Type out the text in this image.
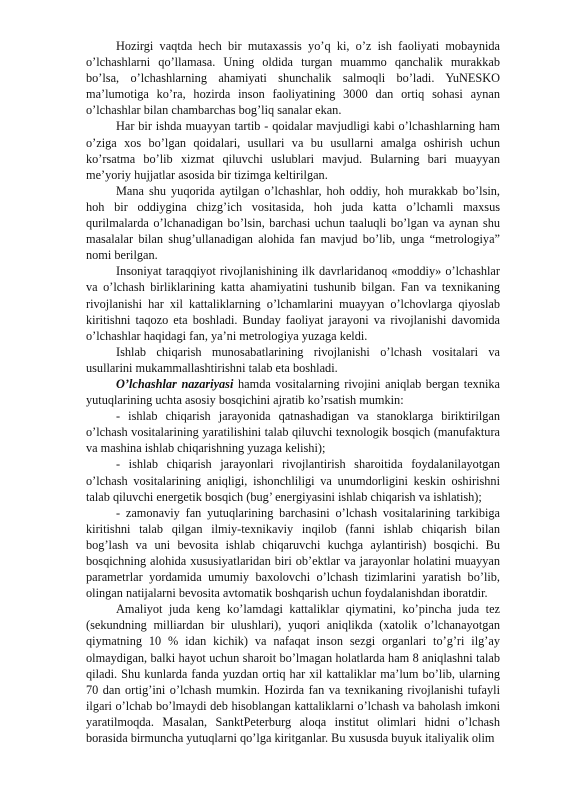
Hozirgi vaqtda hech bir mutaxassis yo’q ki, o’z ish faoliyati mobaynida o’lchashlarni qo’llamasa. Uning oldida turgan muammo qanchalik murakkab bo’lsa, o’lchashlarning ahamiyati shunchalik salmoqli bo’ladi. YuNESKO ma’lumotiga ko’ra, hozirda inson faoliyatining 3000 dan ortiq sohasi aynan o’lchashlar bilan chambarchas bog’liq sanalar ekan.

Har bir ishda muayyan tartib - qoidalar mavjudligi kabi o’lchashlarning ham o’ziga xos bo’lgan qoidalari, usullari va bu usullarni amalga oshirish uchun ko’rsatma bo’lib xizmat qiluvchi uslublari mavjud. Bularning bari muayyan me’yoriy hujjatlar asosida bir tizimga keltirilgan.

Mana shu yuqorida aytilgan o’lchashlar, hoh oddiy, hoh murakkab bo’lsin, hoh bir oddiygina chizg’ich vositasida, hoh juda katta o’lchamli maxsus qurilmalarda o’lchanadigan bo’lsin, barchasi uchun taaluqli bo’lgan va aynan shu masalalar bilan shug’ullanadigan alohida fan mavjud bo’lib, unga “metrologiya” nomi berilgan.

Insoniyat taraqqiyot rivojlanishining ilk davrlaridanoq «moddiy» o’lchashlar va o’lchash birliklarining katta ahamiyatini tushunib bilgan. Fan va texnikaning rivojlanishi har xil kattaliklarning o’lchamlarini muayyan o’lchovlarga qiyoslab kiritishni taqozo eta boshladi. Bunday faoliyat jarayoni va rivojlanishi davomida o’lchashlar haqidagi fan, ya’ni metrologiya yuzaga keldi.

Ishlab chiqarish munosabatlarining rivojlanishi o’lchash vositalari va usullarini mukammallashtirishni talab eta boshladi.

O’lchashlar nazariyasi hamda vositalarning rivojini aniqlab bergan texnika yutuqlarining uchta asosiy bosqichini ajratib ko’rsatish mumkin:

- ishlab chiqarish jarayonida qatnashadigan va stanoklarga biriktirilgan o’lchash vositalarining yaratilishini talab qiluvchi texnologik bosqich (manufaktura va mashina ishlab chiqarishning yuzaga kelishi);

- ishlab chiqarish jarayonlari rivojlantirish sharoitida foydalanilayotgan o’lchash vositalarining aniqligi, ishonchliligi va unumdorligini keskin oshirishni talab qiluvchi energetik bosqich (bug’ energiyasini ishlab chiqarish va ishlatish);

- zamonaviy fan yutuqlarining barchasini o’lchash vositalarining tarkibiga kiritishni talab qilgan ilmiy-texnikaviy inqilob (fanni ishlab chiqarish bilan bog’lash va uni bevosita ishlab chiqaruvchi kuchga aylantirish) bosqichi. Bu bosqichning alohida xususiyatlaridan biri ob’ektlar va jarayonlar holatini muayyan parametrlar yordamida umumiy baxolovchi o’lchash tizimlarini yaratish bo’lib, olingan natijalarni bevosita avtomatik boshqarish uchun foydalanishdan iboratdir.

Amaliyot juda keng ko’lamdagi kattaliklar qiymatini, ko’pincha juda tez (sekundning milliardan bir ulushlari), yuqori aniqlikda (xatolik o’lchanayotgan qiymatning 10 % idan kichik) va nafaqat inson sezgi organlari to’g’ri ilg’ay olmaydigan, balki hayot uchun sharoit bo’lmagan holatlarda ham 8 aniqlashni talab qiladi. Shu kunlarda fanda yuzdan ortiq har xil kattaliklar ma’lum bo’lib, ularning 70 dan ortig’ini o’lchash mumkin. Hozirda fan va texnikaning rivojlanishi tufayli ilgari o’lchab bo’lmaydi deb hisoblangan kattaliklarni o’lchash va baholash imkoni yaratilmoqda. Masalan, SanktPeterburg aloqa institut olimlari hidni o’lchash borasida birmuncha yutuqlarni qo’lga kiritganlar. Bu xususda buyuk italiyalik olim
